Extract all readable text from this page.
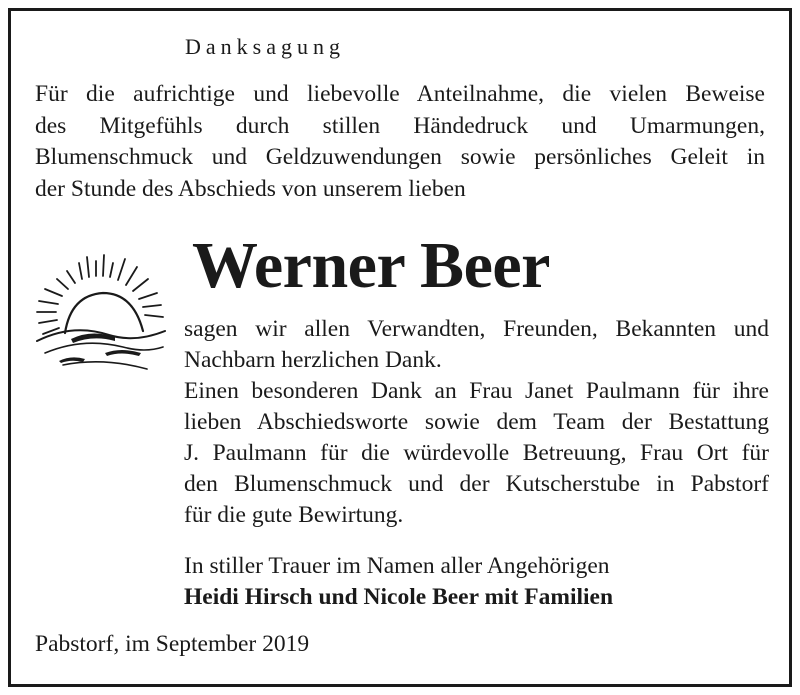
Danksagung
Für die aufrichtige und liebevolle Anteilnahme, die vielen Beweise
des Mitgefühls durch stillen Händedruck und Umarmungen,
Blumenschmuck und Geldzuwendungen sowie persönliches Geleit in
der Stunde des Abschieds von unserem lieben
Werner Beer
sagen wir allen Verwandten, Freunden, Bekannten und
Nachbarn herzlichen Dank.
Einen besonderen Dank an Frau Janet Paulmann für ihre
lieben Abschiedsworte sowie dem Team der Bestattung
J. Paulmann für die würdevolle Betreuung, Frau Ort für
den Blumenschmuck und der Kutscherstube in Pabstorf
für die gute Bewirtung.
In stiller Trauer im Namen aller Angehörigen
Heidi Hirsch und Nicole Beer mit Familien
Pabstorf, im September 2019
